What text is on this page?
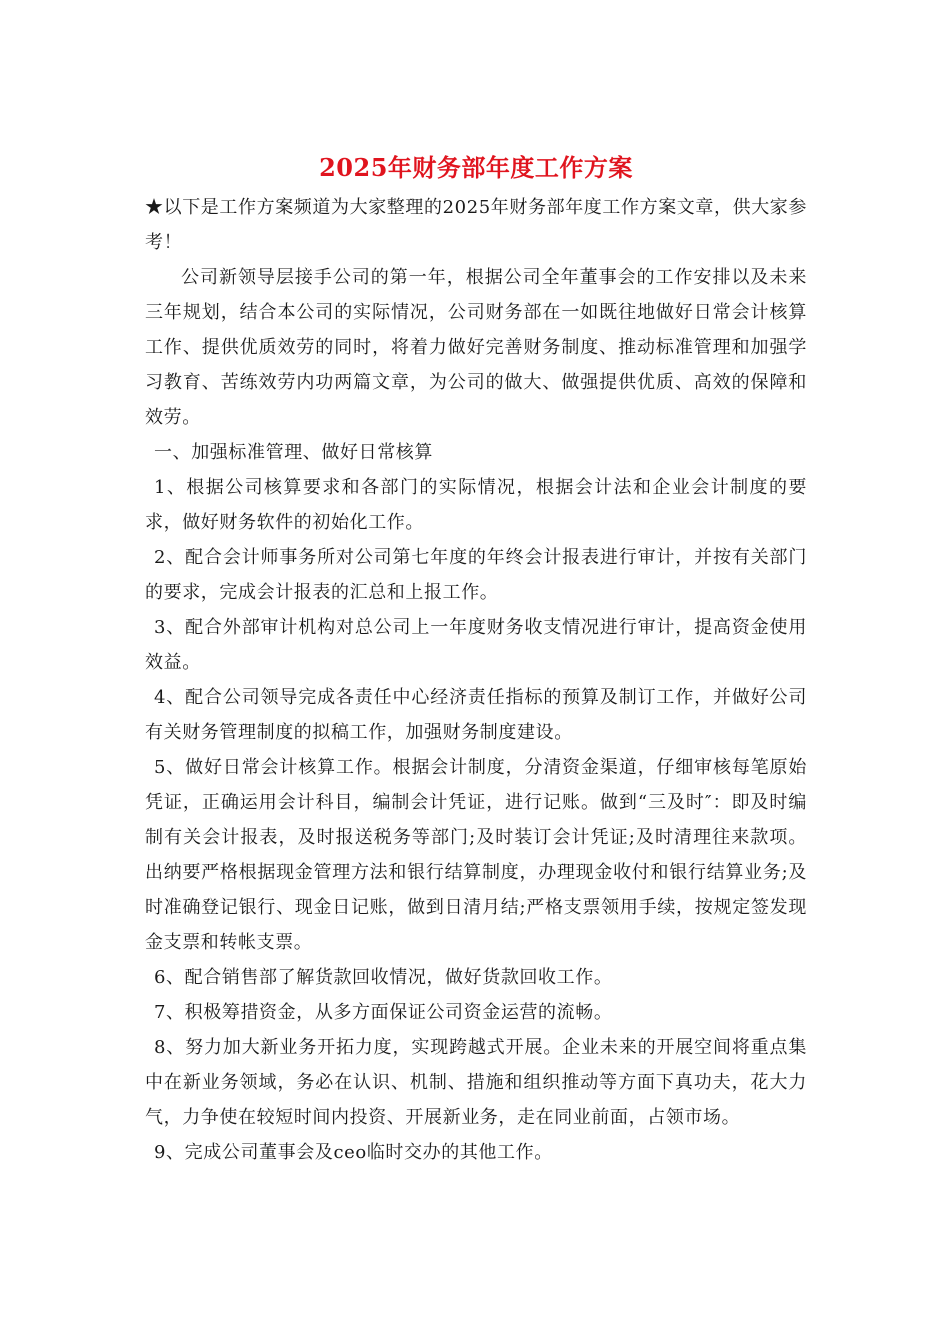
2025年财务部年度工作方案

★以下是工作方案频道为大家整理的2025年财务部年度工作方案文章，供大家参考！

公司新领导层接手公司的第一年，根据公司全年董事会的工作安排以及未来三年规划，结合本公司的实际情况，公司财务部在一如既往地做好日常会计核算工作、提供优质效劳的同时，将着力做好完善财务制度、推动标准管理和加强学习教育、苦练效劳内功两篇文章，为公司的做大、做强提供优质、高效的保障和效劳。

一、加强标准管理、做好日常核算

1、根据公司核算要求和各部门的实际情况，根据会计法和企业会计制度的要求，做好财务软件的初始化工作。

2、配合会计师事务所对公司第七年度的年终会计报表进行审计，并按有关部门的要求，完成会计报表的汇总和上报工作。

3、配合外部审计机构对总公司上一年度财务收支情况进行审计，提高资金使用效益。

4、配合公司领导完成各责任中心经济责任指标的预算及制订工作，并做好公司有关财务管理制度的拟稿工作，加强财务制度建设。

5、做好日常会计核算工作。根据会计制度，分清资金渠道，仔细审核每笔原始凭证，正确运用会计科目，编制会计凭证，进行记账。做到“三及时″：即及时编制有关会计报表，及时报送税务等部门;及时装订会计凭证;及时清理往来款项。出纳要严格根据现金管理方法和银行结算制度，办理现金收付和银行结算业务;及时准确登记银行、现金日记账，做到日清月结;严格支票领用手续，按规定签发现金支票和转帐支票。

6、配合销售部了解货款回收情况，做好货款回收工作。

7、积极筹措资金，从多方面保证公司资金运营的流畅。

8、努力加大新业务开拓力度，实现跨越式开展。企业未来的开展空间将重点集中在新业务领域，务必在认识、机制、措施和组织推动等方面下真功夫，花大力气，力争使在较短时间内投资、开展新业务，走在同业前面，占领市场。

9、完成公司董事会及ceo临时交办的其他工作。
